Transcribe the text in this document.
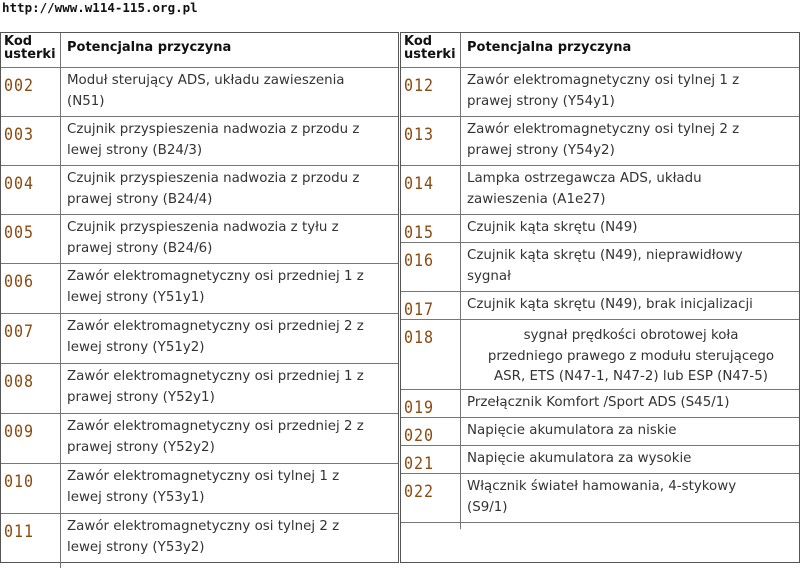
http://www.w114-115.org.pl
Kod
usterki Potencjalna przyczyna
002	Moduł sterujący ADS, układu zawieszenia
(N51)
003	Czujnik przyspieszenia nadwozia z przodu z
lewej strony (B24/3)
004	Czujnik przyspieszenia nadwozia z przodu z
prawej strony (B24/4)
005	Czujnik przyspieszenia nadwozia z tyłu z
prawej strony (B24/6)
006	Zawór elektromagnetyczny osi przedniej 1 z
lewej strony (Y51y1)
007	Zawór elektromagnetyczny osi przedniej 2 z
lewej strony (Y51y2)
008	Zawór elektromagnetyczny osi przedniej 1 z
prawej strony (Y52y1)
009	Zawór elektromagnetyczny osi przedniej 2 z
prawej strony (Y52y2)
010	Zawór elektromagnetyczny osi tylnej 1 z
lewej strony (Y53y1)
011	Zawór elektromagnetyczny osi tylnej 2 z
lewej strony (Y53y2)
Kod
usterki Potencjalna przyczyna
012	Zawór elektromagnetyczny osi tylnej 1 z
prawej strony (Y54y1)
013	Zawór elektromagnetyczny osi tylnej 2 z
prawej strony (Y54y2)
014	Lampka ostrzegawcza ADS, układu
zawieszenia (A1e27)
015	Czujnik kąta skrętu (N49)
016	Czujnik kąta skrętu (N49), nieprawidłowy
sygnał
017	Czujnik kąta skrętu (N49), brak inicjalizacji
018	sygnał prędkości obrotowej koła
przedniego prawego z modułu sterującego
ASR, ETS (N47-1, N47-2) lub ESP (N47-5)
019	Przełącznik Komfort /Sport ADS (S45/1)
020	Napięcie akumulatora za niskie
021	Napięcie akumulatora za wysokie
022	Włącznik świateł hamowania, 4-stykowy
(S9/1)
